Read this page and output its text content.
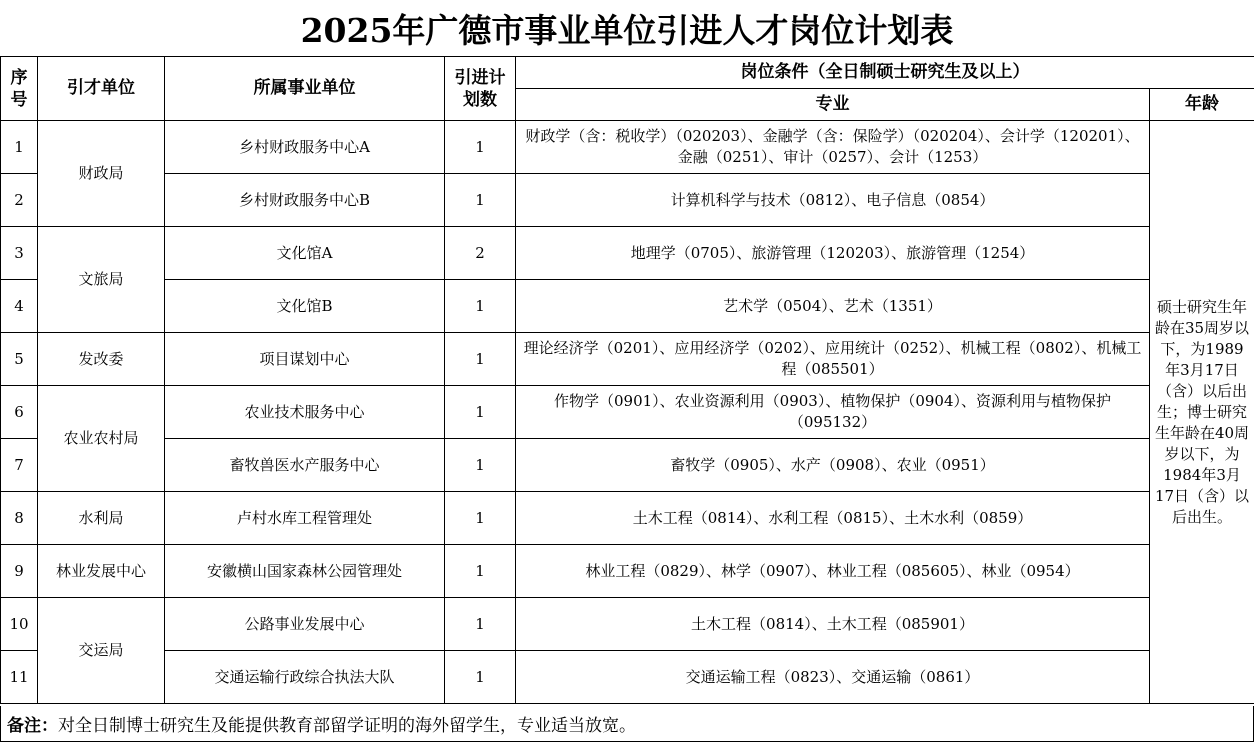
2025年广德市事业单位引进人才岗位计划表
序号	引才单位	所属事业单位	引进计划数	岗位条件（全日制硕士研究生及以上）	
				专业	年龄
1	财政局	乡村财政服务中心A	1	财政学（含：税收学）（020203）、金融学（含：保险学）（020204）、会计学（120201）、金融（0251）、审计（0257）、会计（1253）	硕士研究生年龄在35周岁以下，为1989年3月17日（含）以后出生；博士研究生年龄在40周岁以下，为1984年3月17日（含）以后出生。
2		乡村财政服务中心B	1	计算机科学与技术（0812）、电子信息（0854）	
3	文旅局	文化馆A	2	地理学（0705）、旅游管理（120203）、旅游管理（1254）	
4		文化馆B	1	艺术学（0504）、艺术（1351）	
5	发改委	项目谋划中心	1	理论经济学（0201）、应用经济学（0202）、应用统计（0252）、机械工程（0802）、机械工程（085501）	
6	农业农村局	农业技术服务中心	1	作物学（0901）、农业资源利用（0903）、植物保护（0904）、资源利用与植物保护（095132）	
7		畜牧兽医水产服务中心	1	畜牧学（0905）、水产（0908）、农业（0951）	
8	水利局	卢村水库工程管理处	1	土木工程（0814）、水利工程（0815）、土木水利（0859）	
9	林业发展中心	安徽横山国家森林公园管理处	1	林业工程（0829）、林学（0907）、林业工程（085605）、林业（0954）	
10	交运局	公路事业发展中心	1	土木工程（0814）、土木工程（085901）	
11		交通运输行政综合执法大队	1	交通运输工程（0823）、交通运输（0861）	
备注： 对全日制博士研究生及能提供教育部留学证明的海外留学生，专业适当放宽。
